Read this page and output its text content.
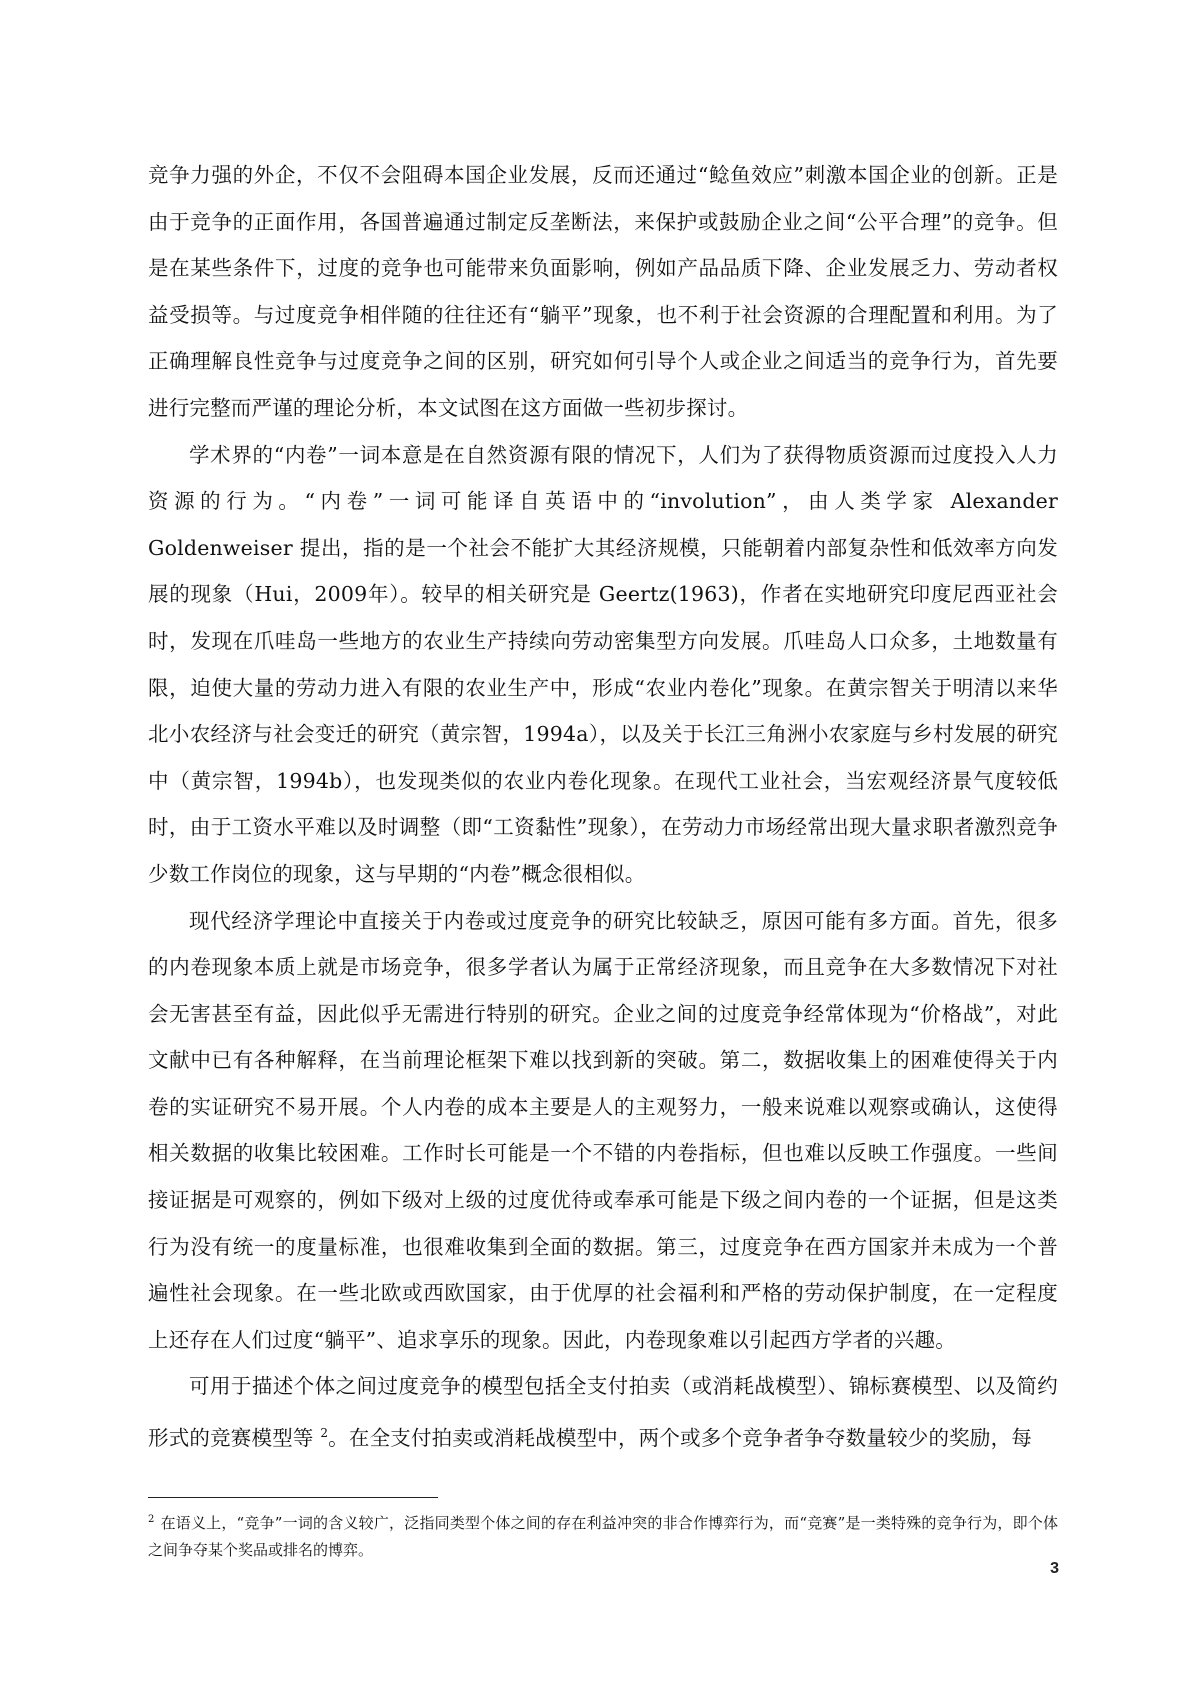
竞争力强的外企，不仅不会阻碍本国企业发展，反而还通过“鲶鱼效应”刺激本国企业的创新。正是由于竞争的正面作用，各国普遍通过制定反垄断法，来保护或鼓励企业之间“公平合理”的竞争。但是在某些条件下，过度的竞争也可能带来负面影响，例如产品品质下降、企业发展乏力、劳动者权益受损等。与过度竞争相伴随的往往还有“躺平”现象，也不利于社会资源的合理配置和利用。为了正确理解良性竞争与过度竞争之间的区别，研究如何引导个人或企业之间适当的竞争行为，首先要进行完整而严谨的理论分析，本文试图在这方面做一些初步探讨。

学术界的“内卷”一词本意是在自然资源有限的情况下，人们为了获得物质资源而过度投入人力资源的行为。“内卷”一词可能译自英语中的“involution”，由人类学家 Alexander Goldenweiser 提出，指的是一个社会不能扩大其经济规模，只能朝着内部复杂性和低效率方向发展的现象（Hui，2009年）。较早的相关研究是 Geertz(1963)，作者在实地研究印度尼西亚社会时，发现在爪哇岛一些地方的农业生产持续向劳动密集型方向发展。爪哇岛人口众多，土地数量有限，迫使大量的劳动力进入有限的农业生产中，形成“农业内卷化”现象。在黄宗智关于明清以来华北小农经济与社会变迁的研究（黄宗智，1994a），以及关于长江三角洲小农家庭与乡村发展的研究中（黄宗智，1994b），也发现类似的农业内卷化现象。在现代工业社会，当宏观经济景气度较低时，由于工资水平难以及时调整（即“工资黏性”现象），在劳动力市场经常出现大量求职者激烈竞争少数工作岗位的现象，这与早期的“内卷”概念很相似。

现代经济学理论中直接关于内卷或过度竞争的研究比较缺乏，原因可能有多方面。首先，很多的内卷现象本质上就是市场竞争，很多学者认为属于正常经济现象，而且竞争在大多数情况下对社会无害甚至有益，因此似乎无需进行特别的研究。企业之间的过度竞争经常体现为“价格战”，对此文献中已有各种解释，在当前理论框架下难以找到新的突破。第二，数据收集上的困难使得关于内卷的实证研究不易开展。个人内卷的成本主要是人的主观努力，一般来说难以观察或确认，这使得相关数据的收集比较困难。工作时长可能是一个不错的内卷指标，但也难以反映工作强度。一些间接证据是可观察的，例如下级对上级的过度优待或奉承可能是下级之间内卷的一个证据，但是这类行为没有统一的度量标准，也很难收集到全面的数据。第三，过度竞争在西方国家并未成为一个普遍性社会现象。在一些北欧或西欧国家，由于优厚的社会福利和严格的劳动保护制度，在一定程度上还存在人们过度“躺平”、追求享乐的现象。因此，内卷现象难以引起西方学者的兴趣。

可用于描述个体之间过度竞争的模型包括全支付拍卖（或消耗战模型）、锦标赛模型、以及简约形式的竞赛模型等 $^2$。在全支付拍卖或消耗战模型中，两个或多个竞争者争夺数量较少的奖励，每

$^2$ 在语义上，“竞争”一词的含义较广，泛指同类型个体之间的存在利益冲突的非合作博弈行为，而“竞赛”是一类特殊的竞争行为，即个体之间争夺某个奖品或排名的博弈。
3
